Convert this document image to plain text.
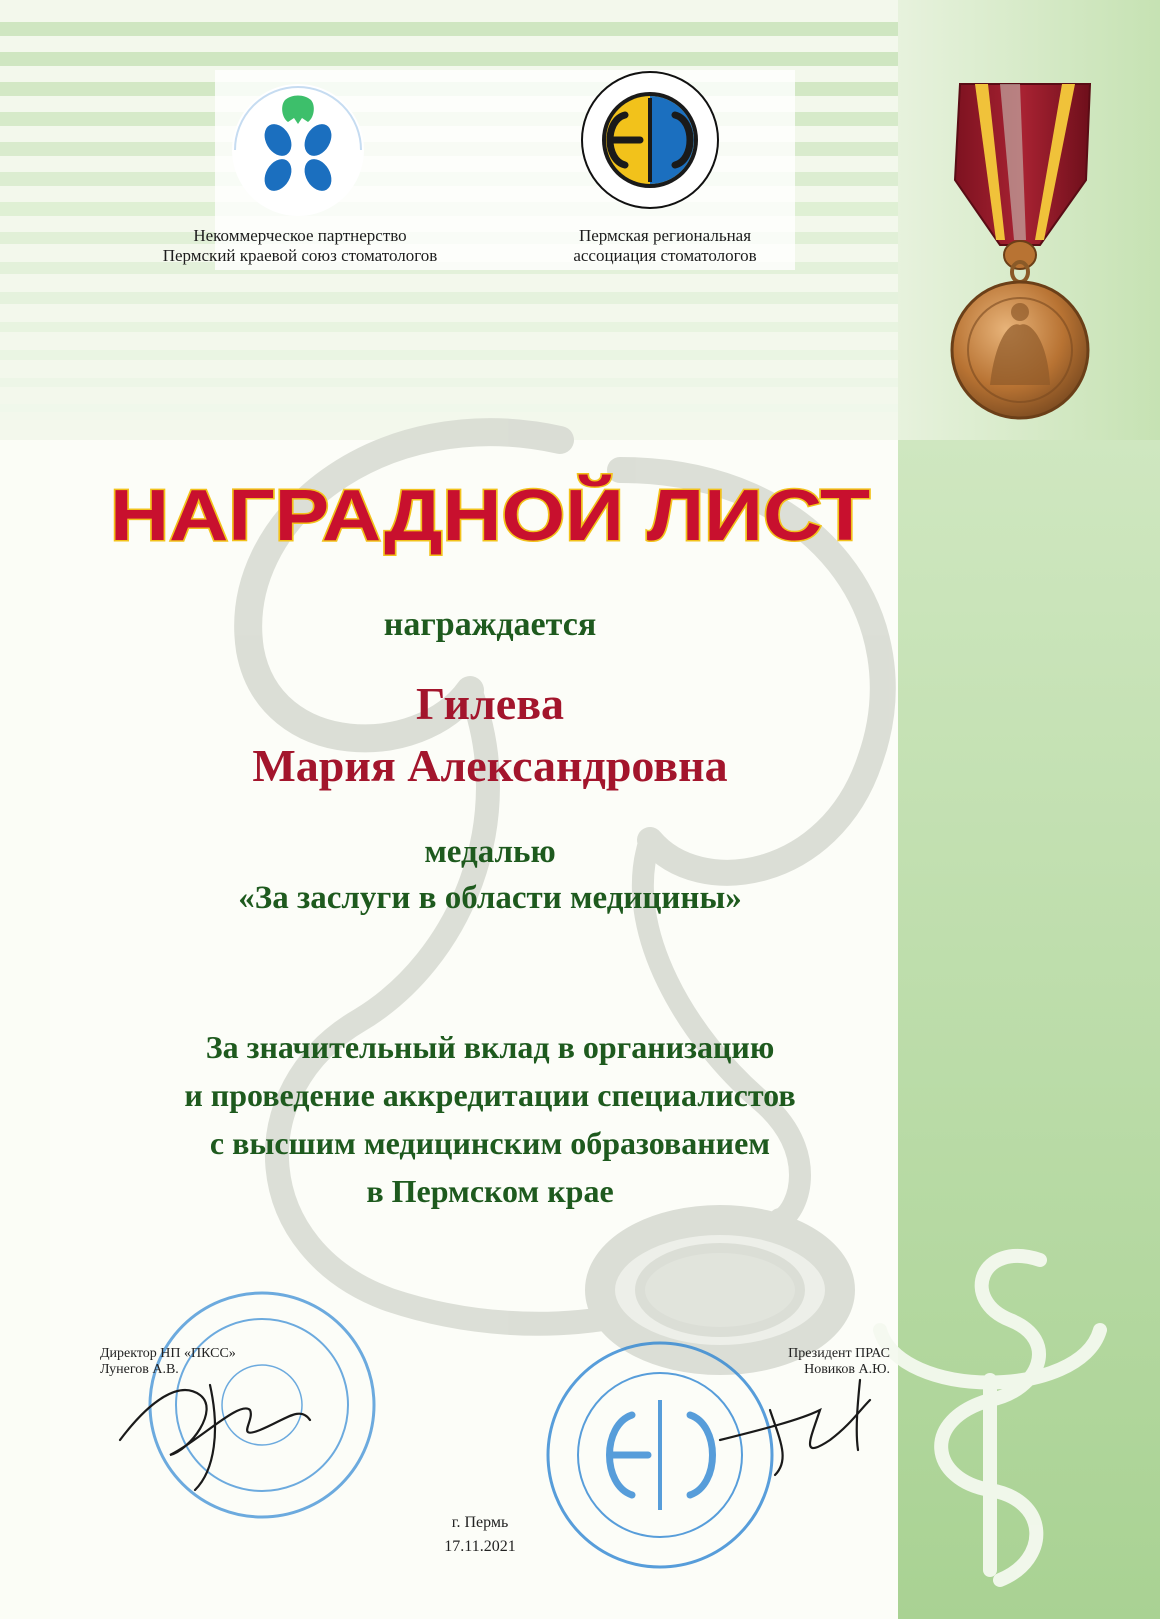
Некоммерческое партнерство
Пермский краевой союз стоматологов
Пермская региональная
ассоциация стоматологов
НАГРАДНОЙ ЛИСТ
награждается
Гилева
Мария Александровна
медалью
«За заслуги в области медицины»
За значительный вклад в организацию
и проведение аккредитации специалистов
с высшим медицинским образованием
в Пермском крае
Директор НП «ПКСС»
Лунегов А.В.
Президент ПРАС
Новиков А.Ю.
г. Пермь
17.11.2021
